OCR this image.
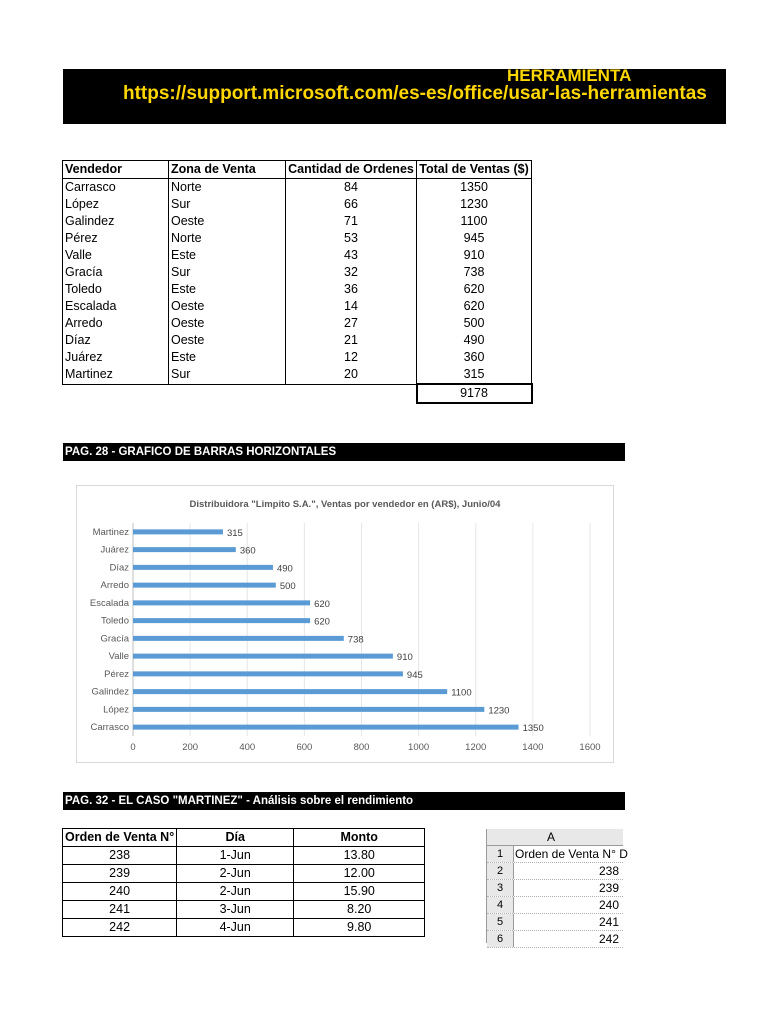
HERRAMIENTA
https://support.microsoft.com/es-es/office/usar-las-herramientas
Vendedor	Zona de Venta	Cantidad de Ordenes	Total de Ventas ($)
Carrasco	Norte	84	1350
López	Sur	66	1230
Galindez	Oeste	71	1100
Pérez	Norte	53	945
Valle	Este	43	910
Gracía	Sur	32	738
Toledo	Este	36	620
Escalada	Oeste	14	620
Arredo	Oeste	27	500
Díaz	Oeste	21	490
Juárez	Este	12	360
Martinez	Sur	20	315
			9178
PAG. 28 - GRAFICO DE BARRAS HORIZONTALES
Distribuidora "Limpito S.A.", Ventas por vendedor en (AR$), Junio/04
0	200	400	600	800	1000	1200	1400	1600
Carrasco	1350
López	1230
Galindez	1100
Pérez	945
Valle	910
Gracía	738
Toledo	620
Escalada	620
Arredo	500
Díaz	490
Juárez	360
Martinez	315
PAG. 32 - EL CASO "MARTINEZ" - Análisis sobre el rendimiento
Orden de Venta N°	Día	Monto
238	1-Jun	13.80
239	2-Jun	12.00
240	2-Jun	15.90
241	3-Jun	8.20
242	4-Jun	9.80
A
1 Orden de Venta N° D
2	238
3	239
4	240
5	241
6	242
